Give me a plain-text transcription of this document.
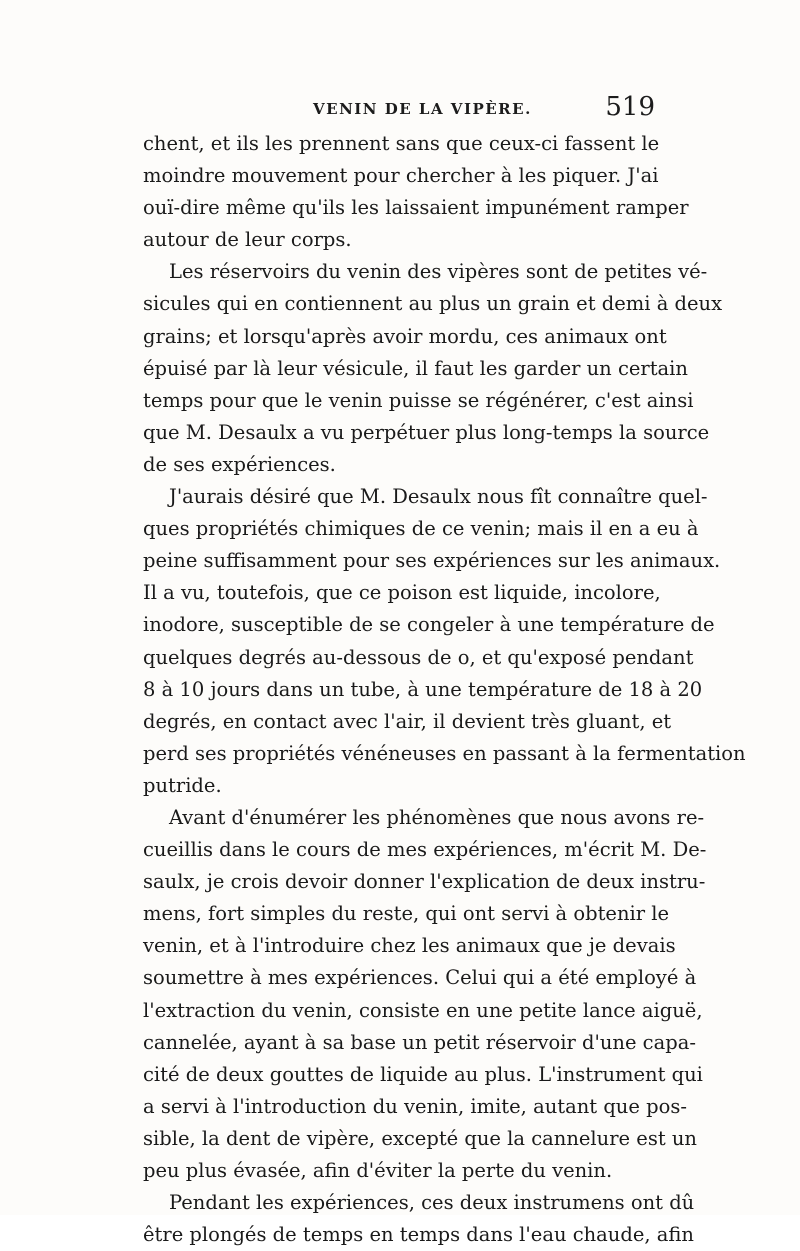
VENIN DE LA VIPÈRE.	519
chent, et ils les prennent sans que ceux-ci fassent le
moindre mouvement pour chercher à les piquer. J'ai
ouï-dire même qu'ils les laissaient impunément ramper
autour de leur corps.
Les réservoirs du venin des vipères sont de petites vé-
sicules qui en contiennent au plus un grain et demi à deux
grains; et lorsqu'après avoir mordu, ces animaux ont
épuisé par là leur vésicule, il faut les garder un certain
temps pour que le venin puisse se régénérer, c'est ainsi
que M. Desaulx a vu perpétuer plus long-temps la source
de ses expériences.
J'aurais désiré que M. Desaulx nous fît connaître quel-
ques propriétés chimiques de ce venin; mais il en a eu à
peine suffisamment pour ses expériences sur les animaux.
Il a vu, toutefois, que ce poison est liquide, incolore,
inodore, susceptible de se congeler à une température de
quelques degrés au-dessous de o, et qu'exposé pendant
8 à 10 jours dans un tube, à une température de 18 à 20
degrés, en contact avec l'air, il devient très gluant, et
perd ses propriétés vénéneuses en passant à la fermentation
putride.
Avant d'énumérer les phénomènes que nous avons re-
cueillis dans le cours de mes expériences, m'écrit M. De-
saulx, je crois devoir donner l'explication de deux instru-
mens, fort simples du reste, qui ont servi à obtenir le
venin, et à l'introduire chez les animaux que je devais
soumettre à mes expériences. Celui qui a été employé à
l'extraction du venin, consiste en une petite lance aiguë,
cannelée, ayant à sa base un petit réservoir d'une capa-
cité de deux gouttes de liquide au plus. L'instrument qui
a servi à l'introduction du venin, imite, autant que pos-
sible, la dent de vipère, excepté que la cannelure est un
peu plus évasée, afin d'éviter la perte du venin.
Pendant les expériences, ces deux instrumens ont dû
être plongés de temps en temps dans l'eau chaude, afin
